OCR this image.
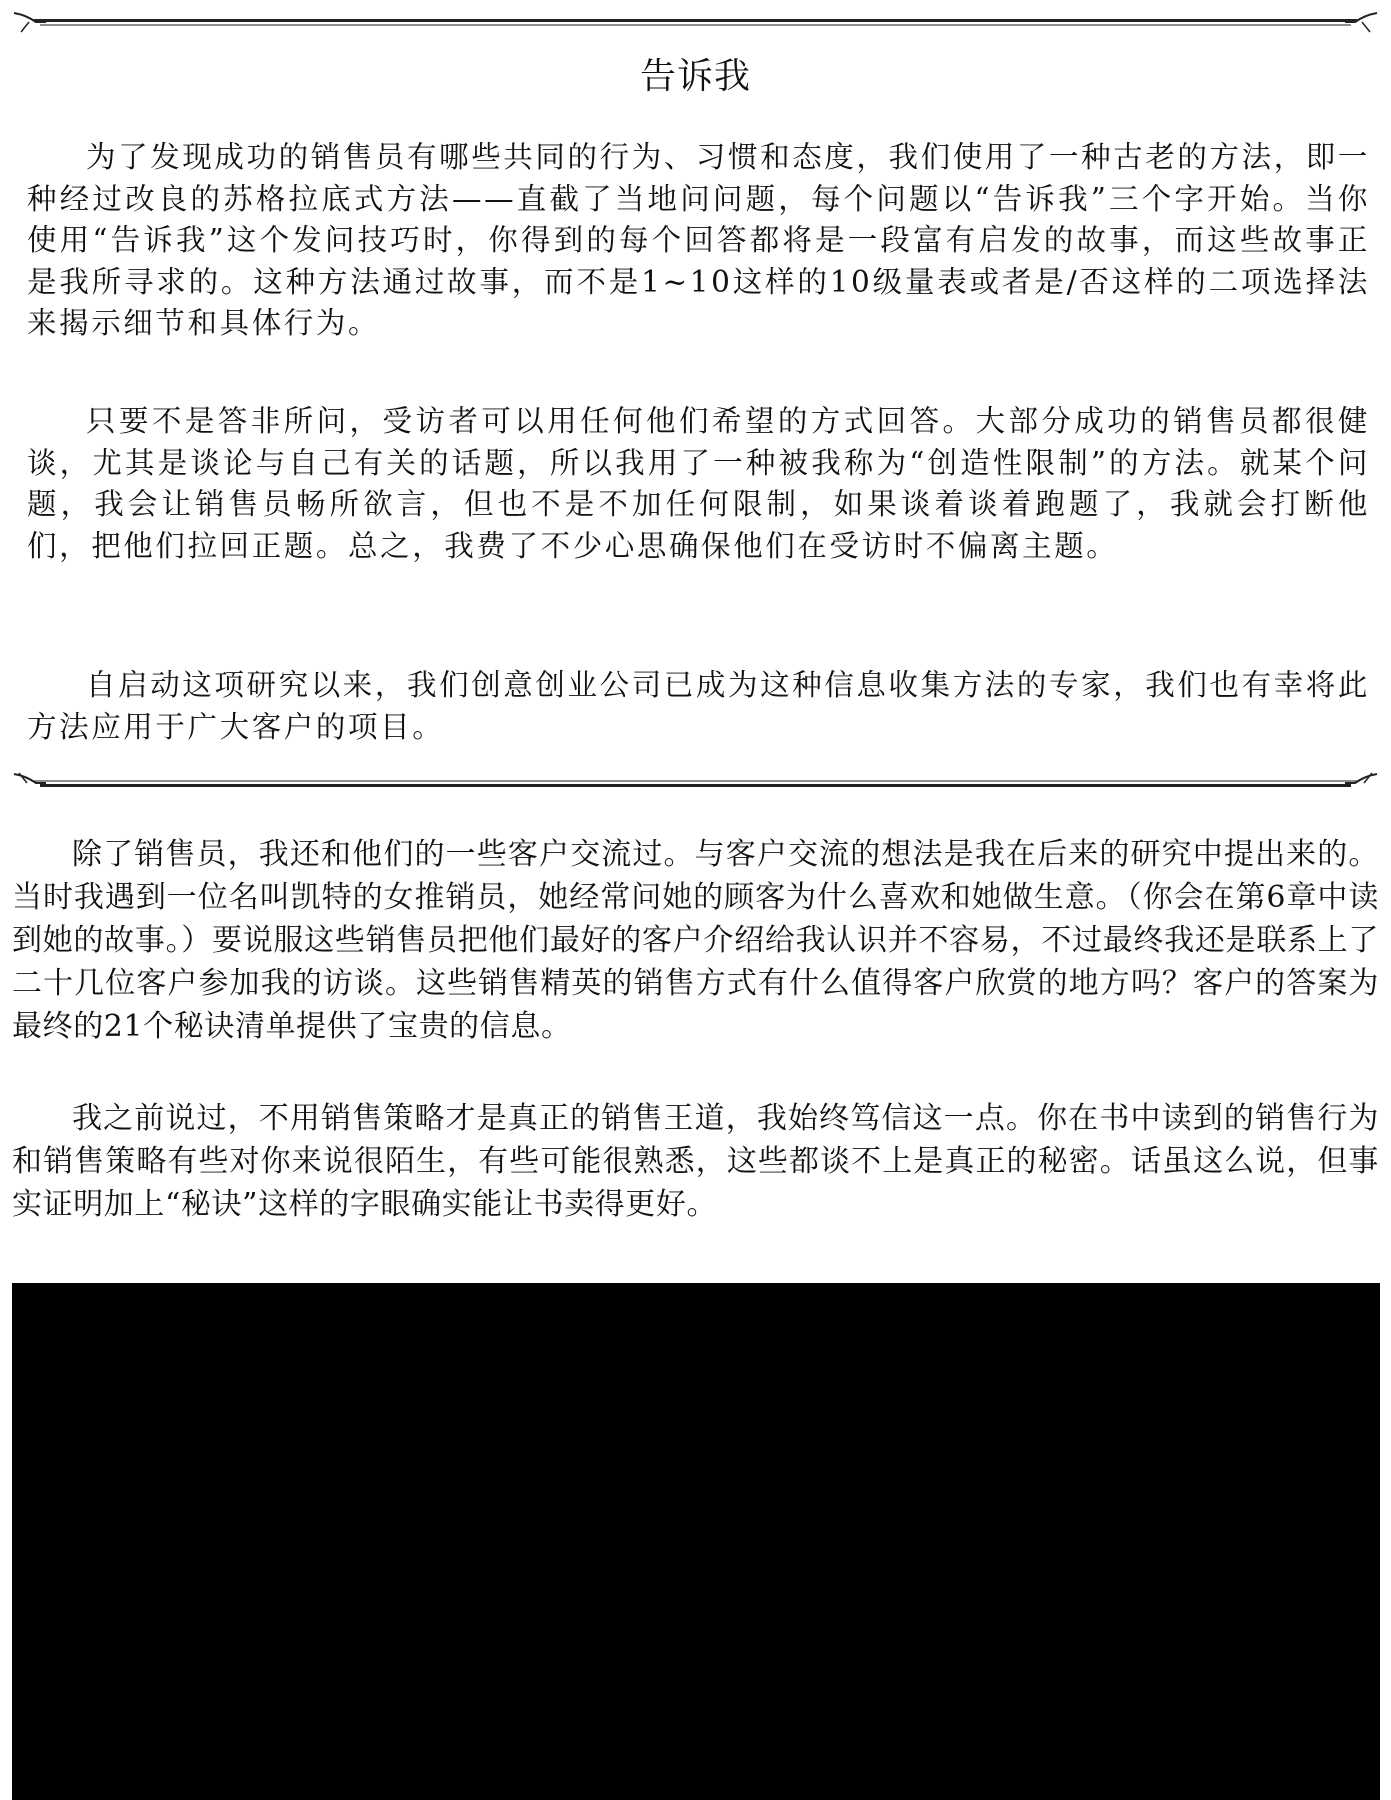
告诉我

为了发现成功的销售员有哪些共同的行为、习惯和态度，我们使用了一种古老的方法，即一种经过改良的苏格拉底式方法——直截了当地问问题，每个问题以“告诉我”三个字开始。当你使用“告诉我”这个发问技巧时，你得到的每个回答都将是一段富有启发的故事，而这些故事正是我所寻求的。这种方法通过故事，而不是1~10这样的10级量表或者是/否这样的二项选择法来揭示细节和具体行为。

只要不是答非所问，受访者可以用任何他们希望的方式回答。大部分成功的销售员都很健谈，尤其是谈论与自己有关的话题，所以我用了一种被我称为“创造性限制”的方法。就某个问题，我会让销售员畅所欲言，但也不是不加任何限制，如果谈着谈着跑题了，我就会打断他们，把他们拉回正题。总之，我费了不少心思确保他们在受访时不偏离主题。

自启动这项研究以来，我们创意创业公司已成为这种信息收集方法的专家，我们也有幸将此方法应用于广大客户的项目。

除了销售员，我还和他们的一些客户交流过。与客户交流的想法是我在后来的研究中提出来的。当时我遇到一位名叫凯特的女推销员，她经常问她的顾客为什么喜欢和她做生意。（你会在第6章中读到她的故事。）要说服这些销售员把他们最好的客户介绍给我认识并不容易，不过最终我还是联系上了二十几位客户参加我的访谈。这些销售精英的销售方式有什么值得客户欣赏的地方吗？客户的答案为最终的21个秘诀清单提供了宝贵的信息。

我之前说过，不用销售策略才是真正的销售王道，我始终笃信这一点。你在书中读到的销售行为和销售策略有些对你来说很陌生，有些可能很熟悉，这些都谈不上是真正的秘密。话虽这么说，但事实证明加上“秘诀”这样的字眼确实能让书卖得更好。
